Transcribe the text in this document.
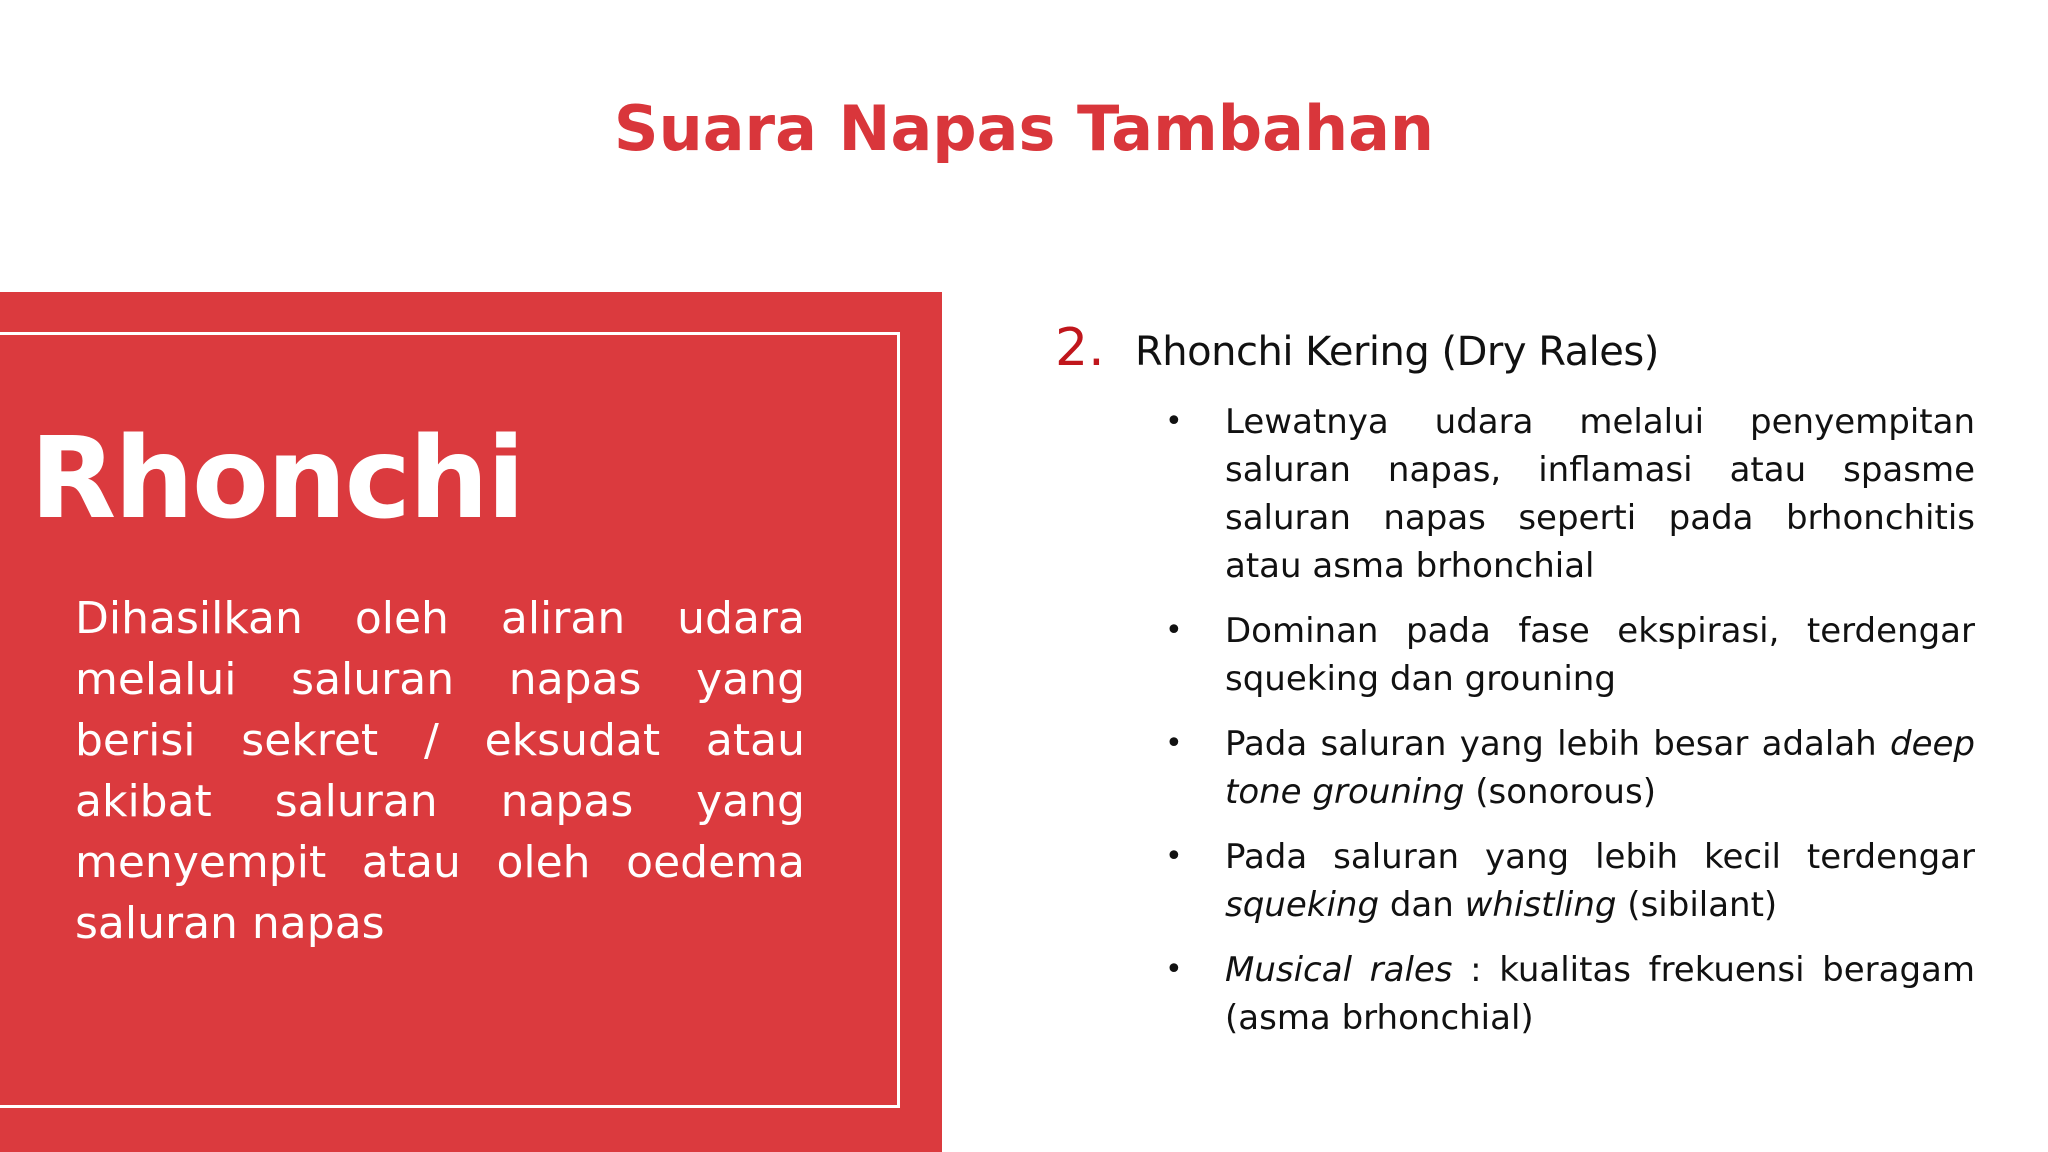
Suara Napas Tambahan
Rhonchi

Dihasilkan oleh aliran udara melalui saluran napas yang berisi sekret / eksudat atau akibat saluran napas yang menyempit atau oleh oedema saluran napas

2. Rhonchi Kering (Dry Rales)
• Lewatnya udara melalui penyempitan saluran napas, inflamasi atau spasme saluran napas seperti pada brhonchitis atau asma brhonchial
• Dominan pada fase ekspirasi, terdengar squeking dan grouning
• Pada saluran yang lebih besar adalah deep tone grouning (sonorous)
• Pada saluran yang lebih kecil terdengar squeking dan whistling (sibilant)
• Musical rales : kualitas frekuensi beragam (asma brhonchial)
